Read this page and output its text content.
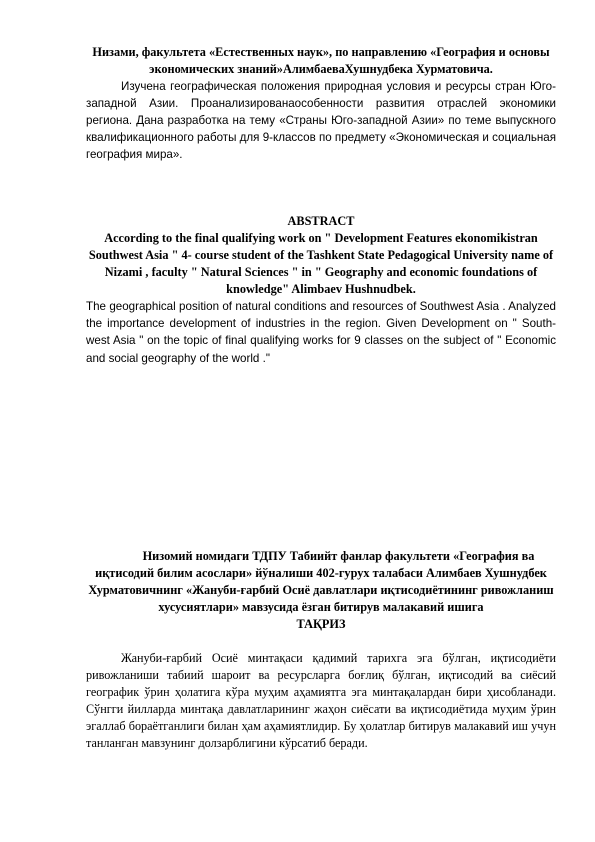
Низами, факультета «Естественных наук», по направлению «География и основы экономических знаний»АлимбаеваХушнудбека Хурматовича.

Изучена географическая положения природная условия и ресурсы стран Юго-западной Азии. Проанализированаособенности развития отраслей экономики региона. Дана разработка на тему «Страны Юго-западной Азии» по теме выпускного квалификационного работы для 9-классов по предмету «Экономическая и социальная география мира».

ABSTRACT

According to the final qualifying work on " Development Features ekonomikistran Southwest Asia " 4- course student of the Tashkent State Pedagogical University name of Nizami , faculty " Natural Sciences " in " Geography and economic foundations of knowledge" Alimbaev Hushnudbek.

The geographical position of natural conditions and resources of Southwest Asia . Analyzed the importance development of industries in the region. Given Development on " South- west Asia " on the topic of final qualifying works for 9 classes on the subject of " Economic and social geography of the world ."

Низомий номидаги ТДПУ Табиийт фанлар факультети «География ва иқтисодий билим асослари» йўналиши 402-гурух талабаси Алимбаев Хушнудбек Хурматовичнинг «Жануби-ғарбий Осиё давлатлари иқтисодиётининг ривожланиш хусусиятлари» мавзусида ёзган битирув малакавий ишига

ТАҚРИЗ

Жануби-ғарбий Осиё минтақаси қадимий тарихга эга бўлган, иқтисодиёти ривожланиши табиий шароит ва ресурсларга боғлиқ бўлган, иқтисодий ва сиёсий географик ўрин ҳолатига кўра муҳим аҳамиятга эга минтақалардан бири ҳисобланади. Сўнгги йилларда минтақа давлатларининг жаҳон сиёсати ва иқтисодиётида муҳим ўрин эгаллаб бораётганлиги билан ҳам аҳамиятлидир. Бу ҳолатлар битирув малакавий иш учун танланган мавзунинг долзарблигини кўрсатиб беради.
